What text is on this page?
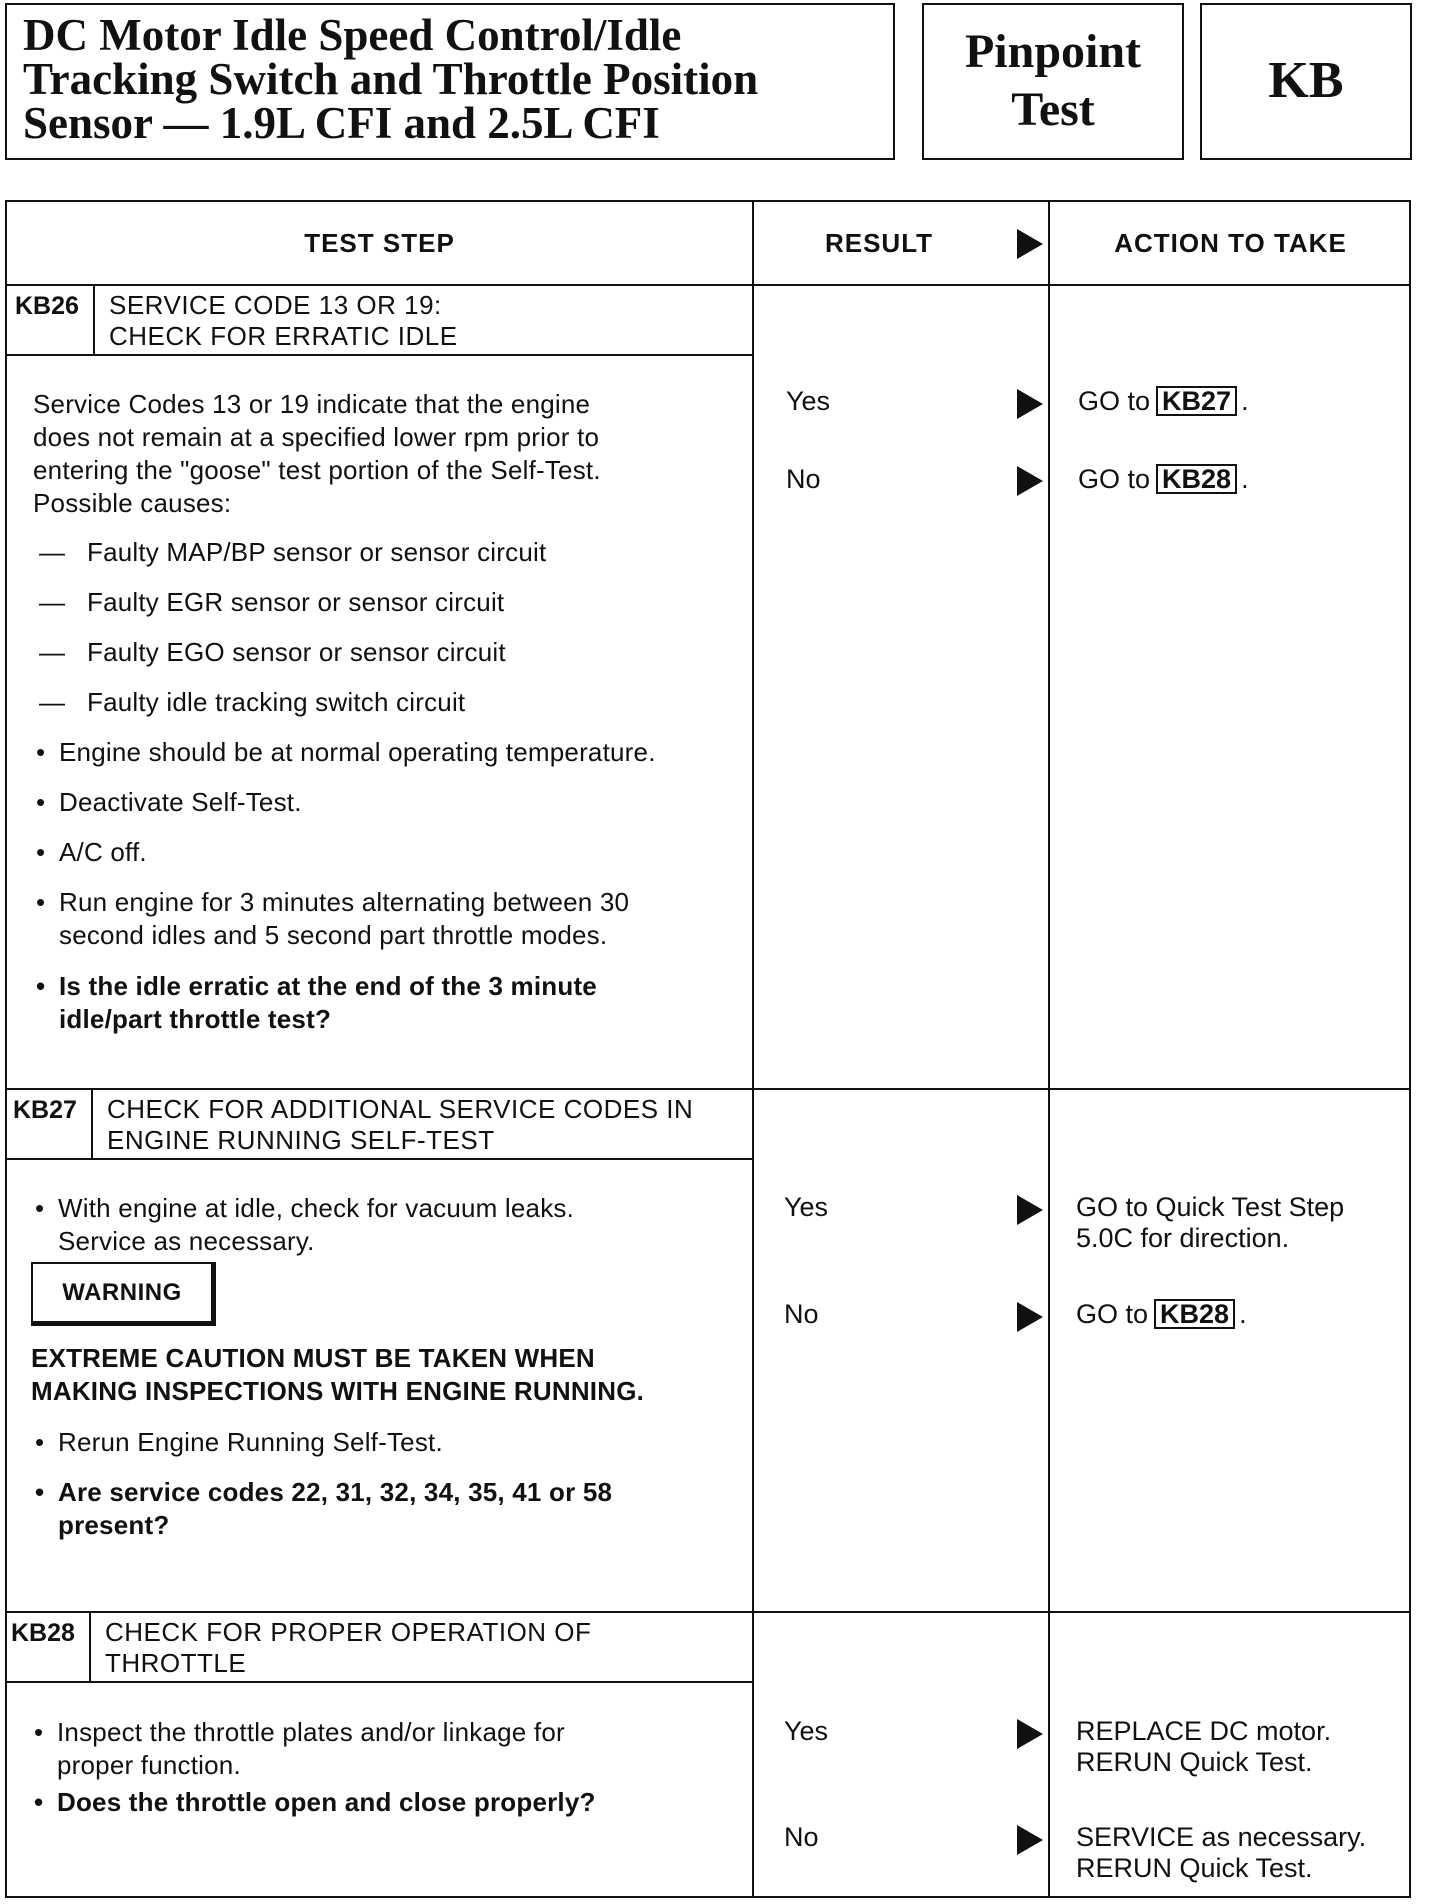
DC Motor Idle Speed Control/Idle
Tracking Switch and Throttle Position
Sensor — 1.9L CFI and 2.5L CFI
Pinpoint
Test
KB
TEST STEP	RESULT	ACTION TO TAKE
KB26 SERVICE CODE 13 OR 19:
CHECK FOR ERRATIC IDLE
Service Codes 13 or 19 indicate that the engine
does not remain at a specified lower rpm prior to
entering the "goose" test portion of the Self-Test.
Possible causes:
— Faulty MAP/BP sensor or sensor circuit
— Faulty EGR sensor or sensor circuit
— Faulty EGO sensor or sensor circuit
— Faulty idle tracking switch circuit
• Engine should be at normal operating temperature.
• Deactivate Self-Test.
• A/C off.
• Run engine for 3 minutes alternating between 30
second idles and 5 second part throttle modes.
• Is the idle erratic at the end of the 3 minute
idle/part throttle test?
Yes	GO to KB27 .
No	GO to KB28 .
KB27 CHECK FOR ADDITIONAL SERVICE CODES IN
ENGINE RUNNING SELF-TEST
• With engine at idle, check for vacuum leaks.
Service as necessary.
WARNING
EXTREME CAUTION MUST BE TAKEN WHEN
MAKING INSPECTIONS WITH ENGINE RUNNING.
• Rerun Engine Running Self-Test.
• Are service codes 22, 31, 32, 34, 35, 41 or 58
present?
Yes	GO to Quick Test Step
5.0C for direction.
No	GO to KB28 .
KB28 CHECK FOR PROPER OPERATION OF
THROTTLE
• Inspect the throttle plates and/or linkage for
proper function.
• Does the throttle open and close properly?
Yes	REPLACE DC motor.
RERUN Quick Test.
No	SERVICE as necessary.
RERUN Quick Test.
